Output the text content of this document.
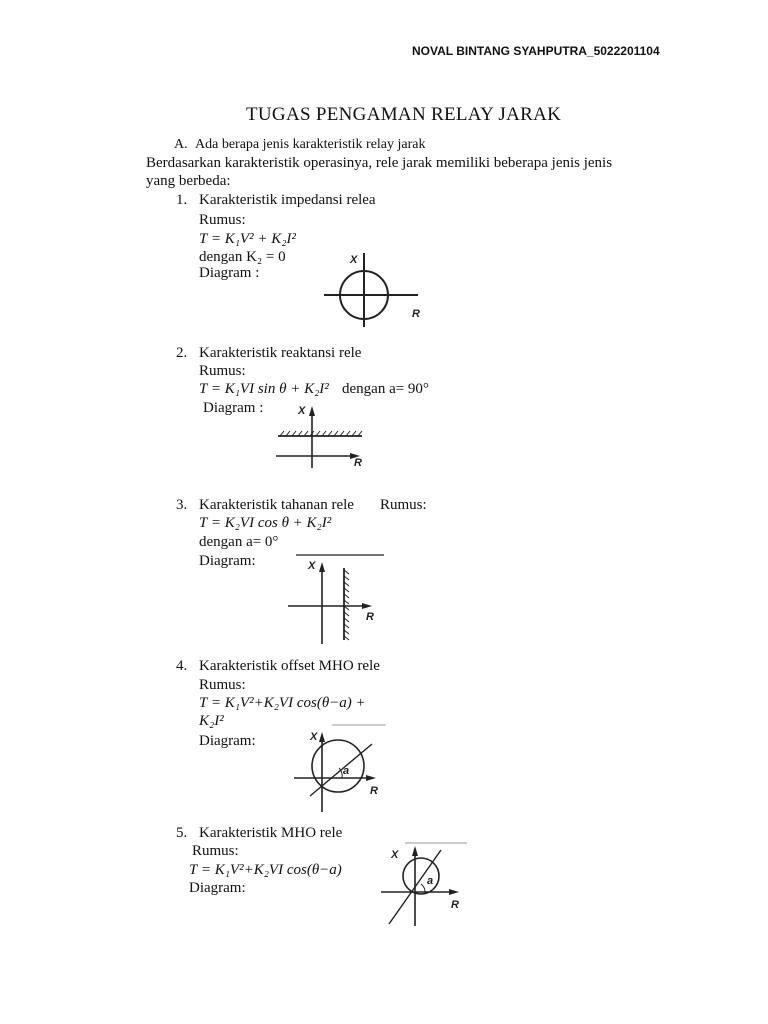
NOVAL BINTANG SYAHPUTRA_5022201104
TUGAS PENGAMAN RELAY JARAK
A. Ada berapa jenis karakteristik relay jarak
Berdasarkan karakteristik operasinya, rele jarak memiliki beberapa jenis jenis
yang berbeda:
1. Karakteristik impedansi relea
Rumus:
T = K₁V² + K₂I²
dengan K₂ = 0
Diagram :
X
R
2. Karakteristik reaktansi rele
Rumus:
T = K₁VI sin θ + K₂I² dengan a= 90°
Diagram :	X
R
3. Karakteristik tahanan rele Rumus:
T = K₂VI cos θ + K₂I²
dengan a= 0°
Diagram:	X
R
4. Karakteristik offset MHO rele
Rumus:
T = K₁V²+K₂VI cos(θ−a) +
K₂I²
Diagram:	X
R
a
5. Karakteristik MHO rele
Rumus:
T = K₁V²+K₂VI cos(θ−a)
Diagram:
X
R
a
